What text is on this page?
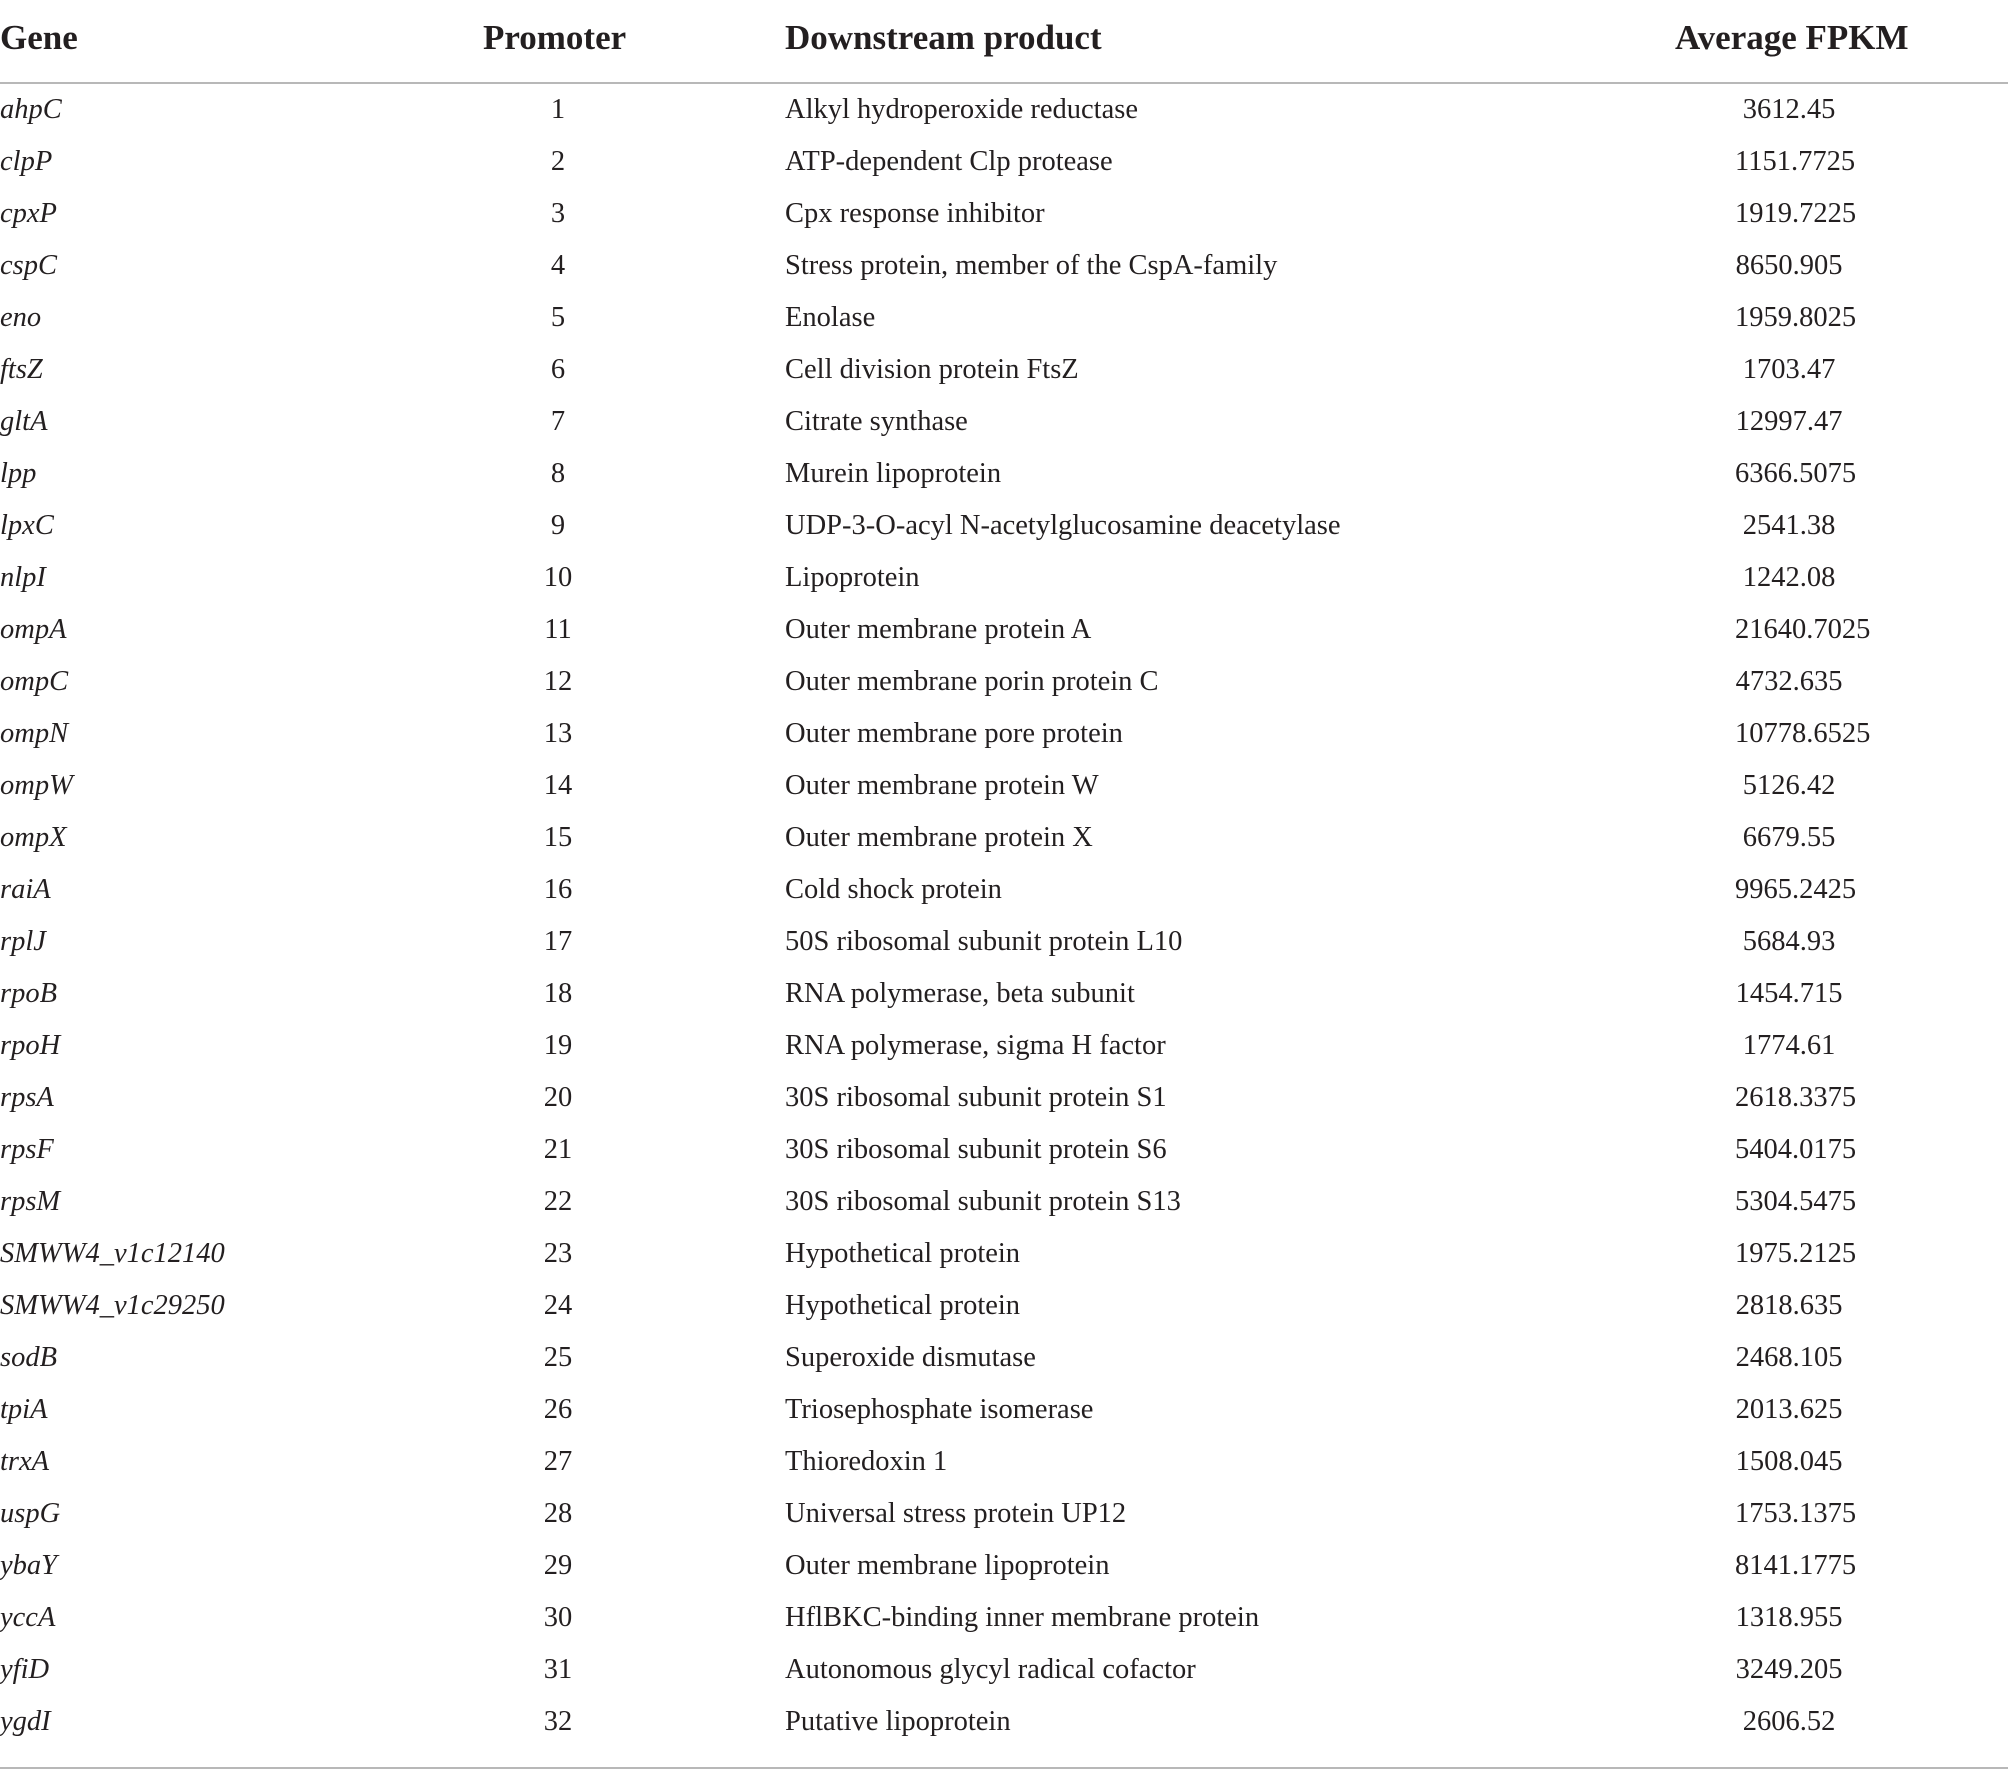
Gene	Promoter	Downstream product	Average FPKM
ahpC	1	Alkyl hydroperoxide reductase	3612.45
clpP	2	ATP-dependent Clp protease	1151.7725
cpxP	3	Cpx response inhibitor	1919.7225
cspC	4	Stress protein, member of the CspA-family	8650.905
eno	5	Enolase	1959.8025
ftsZ	6	Cell division protein FtsZ	1703.47
gltA	7	Citrate synthase	12997.47
lpp	8	Murein lipoprotein	6366.5075
lpxC	9	UDP-3-O-acyl N-acetylglucosamine deacetylase	2541.38
nlpI	10	Lipoprotein	1242.08
ompA	11	Outer membrane protein A	21640.7025
ompC	12	Outer membrane porin protein C	4732.635
ompN	13	Outer membrane pore protein	10778.6525
ompW	14	Outer membrane protein W	5126.42
ompX	15	Outer membrane protein X	6679.55
raiA	16	Cold shock protein	9965.2425
rplJ	17	50S ribosomal subunit protein L10	5684.93
rpoB	18	RNA polymerase, beta subunit	1454.715
rpoH	19	RNA polymerase, sigma H factor	1774.61
rpsA	20	30S ribosomal subunit protein S1	2618.3375
rpsF	21	30S ribosomal subunit protein S6	5404.0175
rpsM	22	30S ribosomal subunit protein S13	5304.5475
SMWW4_v1c12140	23	Hypothetical protein	1975.2125
SMWW4_v1c29250	24	Hypothetical protein	2818.635
sodB	25	Superoxide dismutase	2468.105
tpiA	26	Triosephosphate isomerase	2013.625
trxA	27	Thioredoxin 1	1508.045
uspG	28	Universal stress protein UP12	1753.1375
ybaY	29	Outer membrane lipoprotein	8141.1775
yccA	30	HflBKC-binding inner membrane protein	1318.955
yfiD	31	Autonomous glycyl radical cofactor	3249.205
ygdI	32	Putative lipoprotein	2606.52
